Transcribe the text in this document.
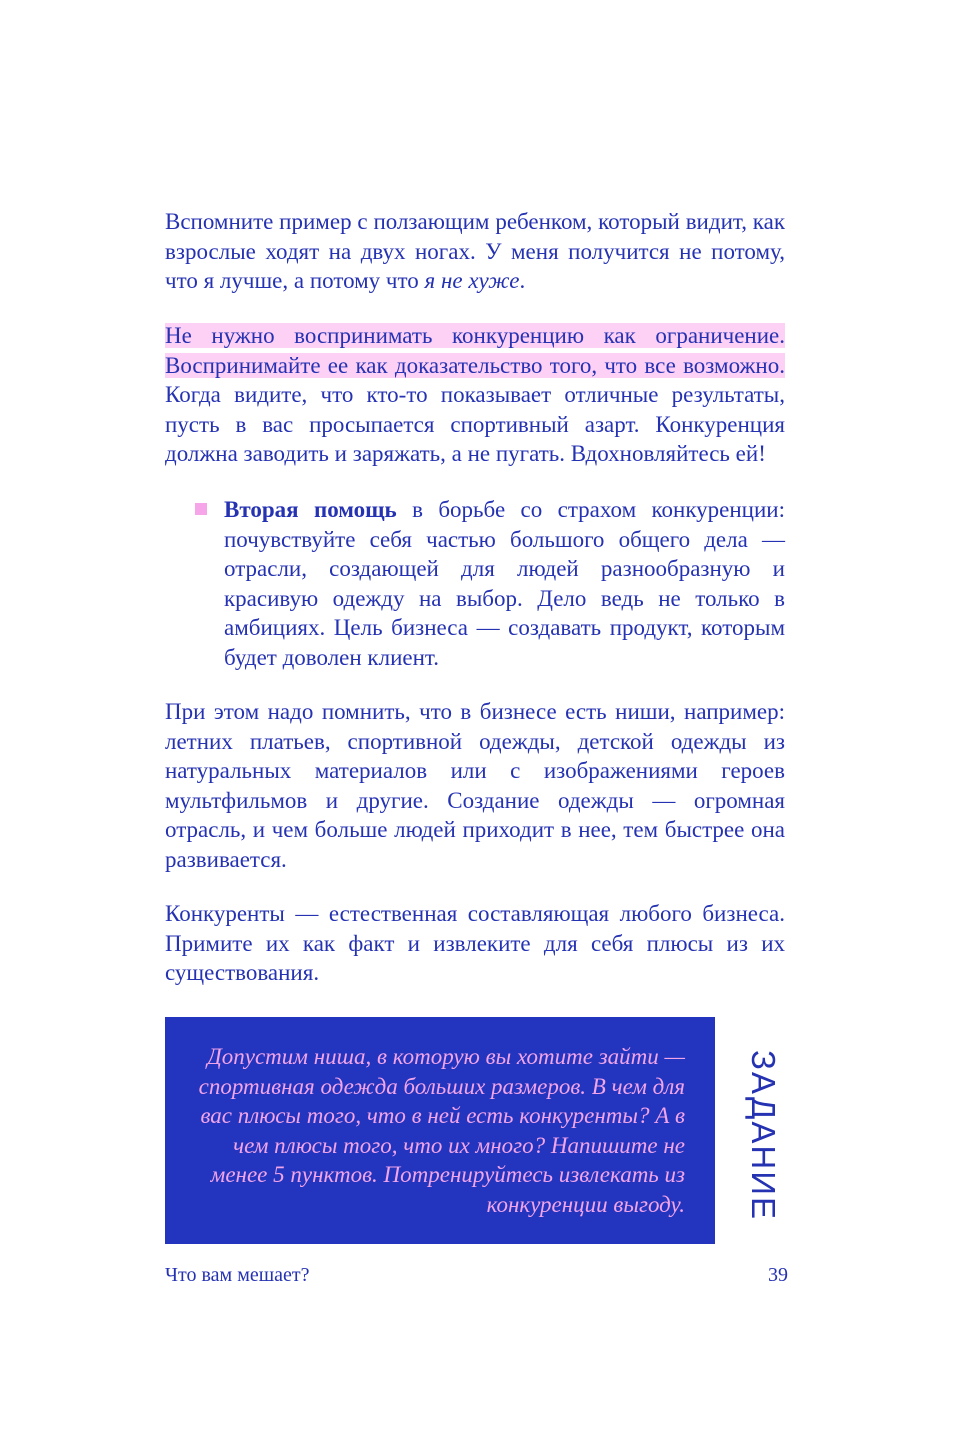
Вспомните пример с ползающим ребенком, который видит, как взрослые ходят на двух ногах. У меня получится не потому, что я лучше, а потому что я не хуже.

Не нужно воспринимать конкуренцию как ограничение. Воспринимайте ее как доказательство того, что все возможно. Когда видите, что кто-то показывает отличные результаты, пусть в вас просыпается спортивный азарт. Конкуренция должна заводить и заряжать, а не пугать. Вдохновляйтесь ей!

Вторая помощь в борьбе со страхом конкуренции: почувствуйте себя частью большого общего дела — отрасли, создающей для людей разнообразную и красивую одежду на выбор. Дело ведь не только в амбициях. Цель бизнеса — создавать продукт, которым будет доволен клиент.

При этом надо помнить, что в бизнесе есть ниши, например: летних платьев, спортивной одежды, детской одежды из натуральных материалов или с изображениями героев мультфильмов и другие. Создание одежды — огромная отрасль, и чем больше людей приходит в нее, тем быстрее она развивается.

Конкуренты — естественная составляющая любого бизнеса. Примите их как факт и извлеките для себя плюсы из их существования.

Допустим ниша, в которую вы хотите зайти — спортивная одежда больших размеров. В чем для вас плюсы того, что в ней есть конкуренты? А в чем плюсы того, что их много? Напишите не менее 5 пунктов. Потренируйтесь извлекать из конкуренции выгоду.	ЗАДАНИЕ
Что вам мешает?	39
